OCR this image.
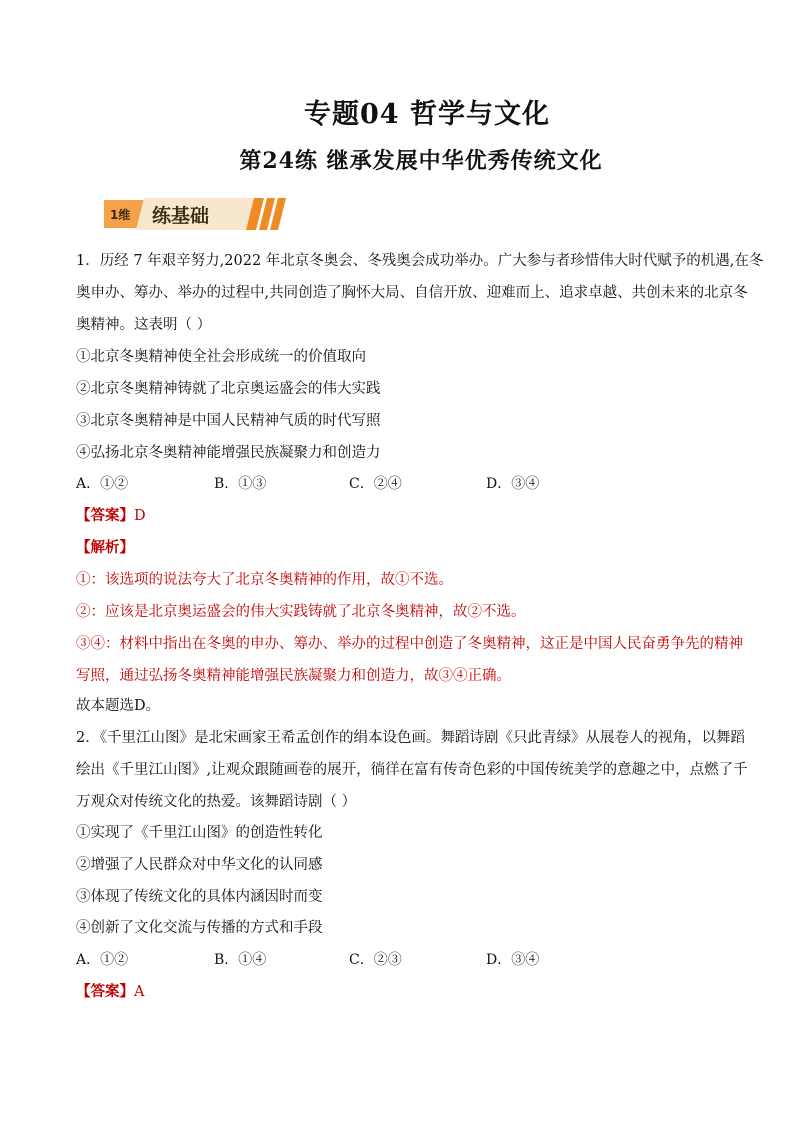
专题04 哲学与文化
第24练 继承发展中华优秀传统文化
1维 练基础
1．历经 7 年艰辛努力,2022 年北京冬奥会、冬残奥会成功举办。广大参与者珍惜伟大时代赋予的机遇,在冬
奥申办、筹办、举办的过程中,共同创造了胸怀大局、自信开放、迎难而上、追求卓越、共创未来的北京冬
奥精神。这表明（ ）
①北京冬奥精神使全社会形成统一的价值取向
②北京冬奥精神铸就了北京奥运盛会的伟大实践
③北京冬奥精神是中国人民精神气质的时代写照
④弘扬北京冬奥精神能增强民族凝聚力和创造力
A．①②	B．①③	C．②④	D．③④
【答案】D
【解析】
①：该选项的说法夸大了北京冬奥精神的作用，故①不选。
②：应该是北京奥运盛会的伟大实践铸就了北京冬奥精神，故②不选。
③④：材料中指出在冬奥的申办、筹办、举办的过程中创造了冬奥精神，这正是中国人民奋勇争先的精神
写照，通过弘扬冬奥精神能增强民族凝聚力和创造力，故③④正确。
故本题选D。
2．《千里江山图》是北宋画家王希孟创作的绢本设色画。舞蹈诗剧《只此青绿》从展卷人的视角，以舞蹈
绘出《千里江山图》,让观众跟随画卷的展开，徜徉在富有传奇色彩的中国传统美学的意趣之中，点燃了千
万观众对传统文化的热爱。该舞蹈诗剧（ ）
①实现了《千里江山图》的创造性转化
②增强了人民群众对中华文化的认同感
③体现了传统文化的具体内涵因时而变
④创新了文化交流与传播的方式和手段
A．①②	B．①④	C．②③	D．③④
【答案】A
